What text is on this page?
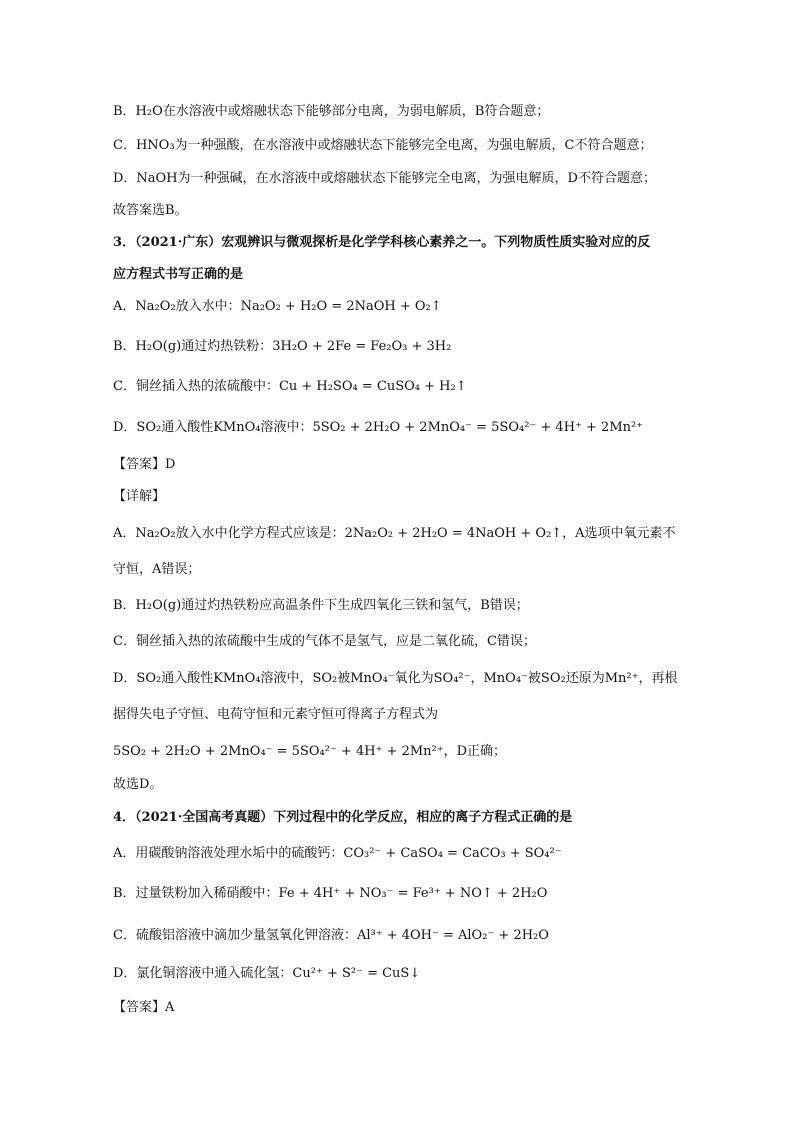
B．H₂O在水溶液中或熔融状态下能够部分电离，为弱电解质，B符合题意；
C．HNO₃为一种强酸，在水溶液中或熔融状态下能够完全电离，为强电解质，C不符合题意；
D．NaOH为一种强碱，在水溶液中或熔融状态下能够完全电离，为强电解质，D不符合题意；
故答案选B。
3．（2021·广东）宏观辨识与微观探析是化学学科核心素养之一。下列物质性质实验对应的反
应方程式书写正确的是
A．Na₂O₂放入水中：Na₂O₂ + H₂O = 2NaOH + O₂↑
B．H₂O(g)通过灼热铁粉：3H₂O + 2Fe = Fe₂O₃ + 3H₂
C．铜丝插入热的浓硫酸中：Cu + H₂SO₄ = CuSO₄ + H₂↑
D．SO₂通入酸性KMnO₄溶液中：5SO₂ + 2H₂O + 2MnO₄⁻ = 5SO₄²⁻ + 4H⁺ + 2Mn²⁺
【答案】D
【详解】
A．Na₂O₂放入水中化学方程式应该是：2Na₂O₂ + 2H₂O = 4NaOH + O₂↑，A选项中氧元素不
守恒，A错误；
B．H₂O(g)通过灼热铁粉应高温条件下生成四氧化三铁和氢气，B错误；
C．铜丝插入热的浓硫酸中生成的气体不是氢气，应是二氧化硫，C错误；
D．SO₂通入酸性KMnO₄溶液中，SO₂被MnO₄⁻氧化为SO₄²⁻，MnO₄⁻被SO₂还原为Mn²⁺，再根
据得失电子守恒、电荷守恒和元素守恒可得离子方程式为
5SO₂ + 2H₂O + 2MnO₄⁻ = 5SO₄²⁻ + 4H⁺ + 2Mn²⁺，D正确；
故选D。
4．（2021·全国高考真题）下列过程中的化学反应，相应的离子方程式正确的是
A．用碳酸钠溶液处理水垢中的硫酸钙：CO₃²⁻ + CaSO₄ = CaCO₃ + SO₄²⁻
B．过量铁粉加入稀硝酸中：Fe + 4H⁺ + NO₃⁻ = Fe³⁺ + NO↑ + 2H₂O
C．硫酸铝溶液中滴加少量氢氧化钾溶液：Al³⁺ + 4OH⁻ = AlO₂⁻ + 2H₂O
D．氯化铜溶液中通入硫化氢：Cu²⁺ + S²⁻ = CuS↓
【答案】A
